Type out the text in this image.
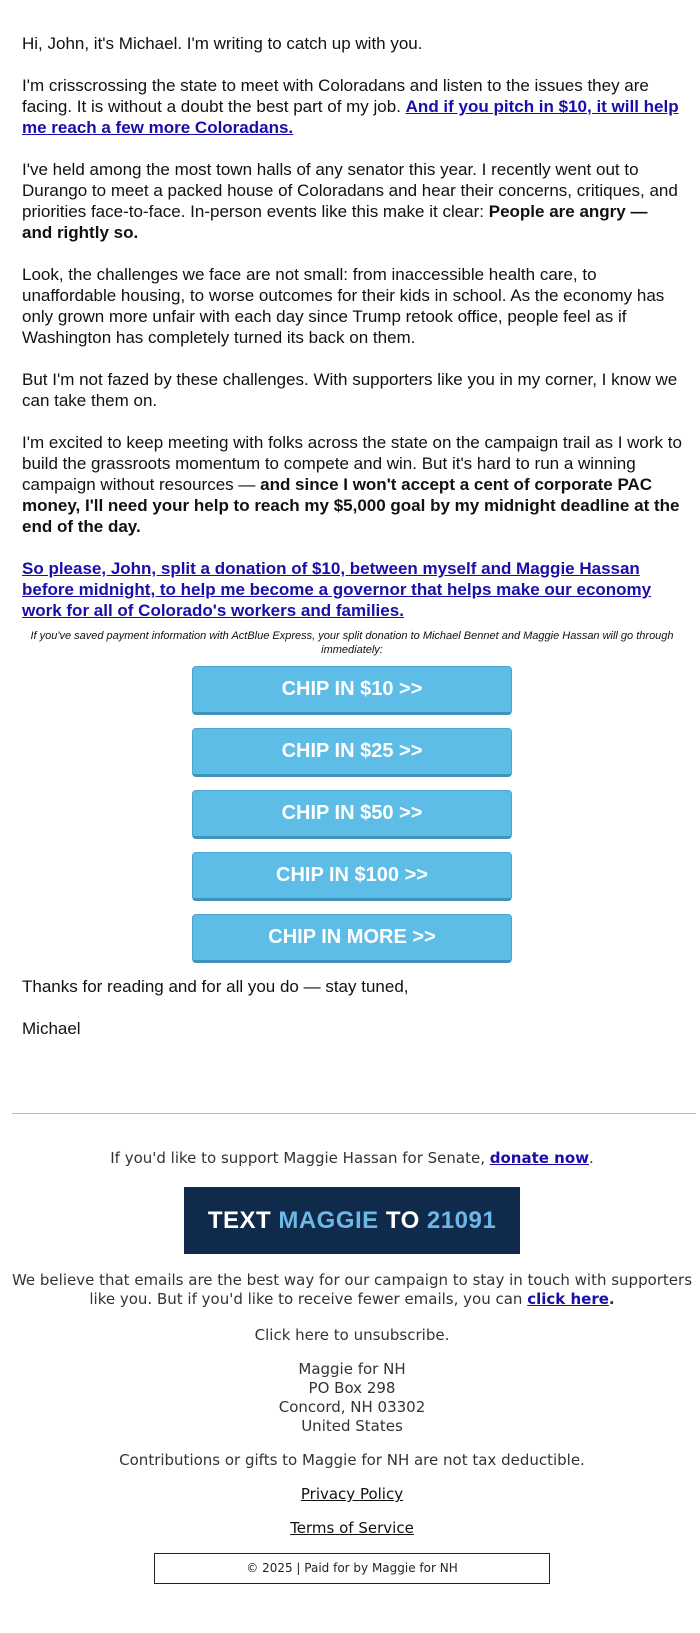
Hi, John, it's Michael. I'm writing to catch up with you.

I'm crisscrossing the state to meet with Coloradans and listen to the issues they are facing. It is without a doubt the best part of my job. And if you pitch in $10, it will help me reach a few more Coloradans.

I've held among the most town halls of any senator this year. I recently went out to Durango to meet a packed house of Coloradans and hear their concerns, critiques, and priorities face-to-face. In-person events like this make it clear: People are angry — and rightly so.

Look, the challenges we face are not small: from inaccessible health care, to unaffordable housing, to worse outcomes for their kids in school. As the economy has only grown more unfair with each day since Trump retook office, people feel as if Washington has completely turned its back on them.

But I'm not fazed by these challenges. With supporters like you in my corner, I know we can take them on.

I'm excited to keep meeting with folks across the state on the campaign trail as I work to build the grassroots momentum to compete and win. But it's hard to run a winning campaign without resources — and since I won't accept a cent of corporate PAC money, I'll need your help to reach my $5,000 goal by my midnight deadline at the end of the day.

So please, John, split a donation of $10, between myself and Maggie Hassan before midnight, to help me become a governor that helps make our economy work for all of Colorado's workers and families.

If you've saved payment information with ActBlue Express, your split donation to Michael Bennet and Maggie Hassan will go through immediately:
CHIP IN $10 >>
CHIP IN $25 >>
CHIP IN $50 >>
CHIP IN $100 >>
CHIP IN MORE >>

Thanks for reading and for all you do — stay tuned,

Michael

If you'd like to support Maggie Hassan for Senate, donate now.

TEXT
MAGGIE
TO
21091

We believe that emails are the best way for our campaign to stay in touch with supporters like you. But if you'd like to receive fewer emails, you can click here.

Click here to unsubscribe.

Maggie for NH

PO Box 298

Concord, NH 03302

United States

Contributions or gifts to Maggie for NH are not tax deductible.

Privacy Policy

Terms of Service

© 2025 | Paid for by Maggie for NH
